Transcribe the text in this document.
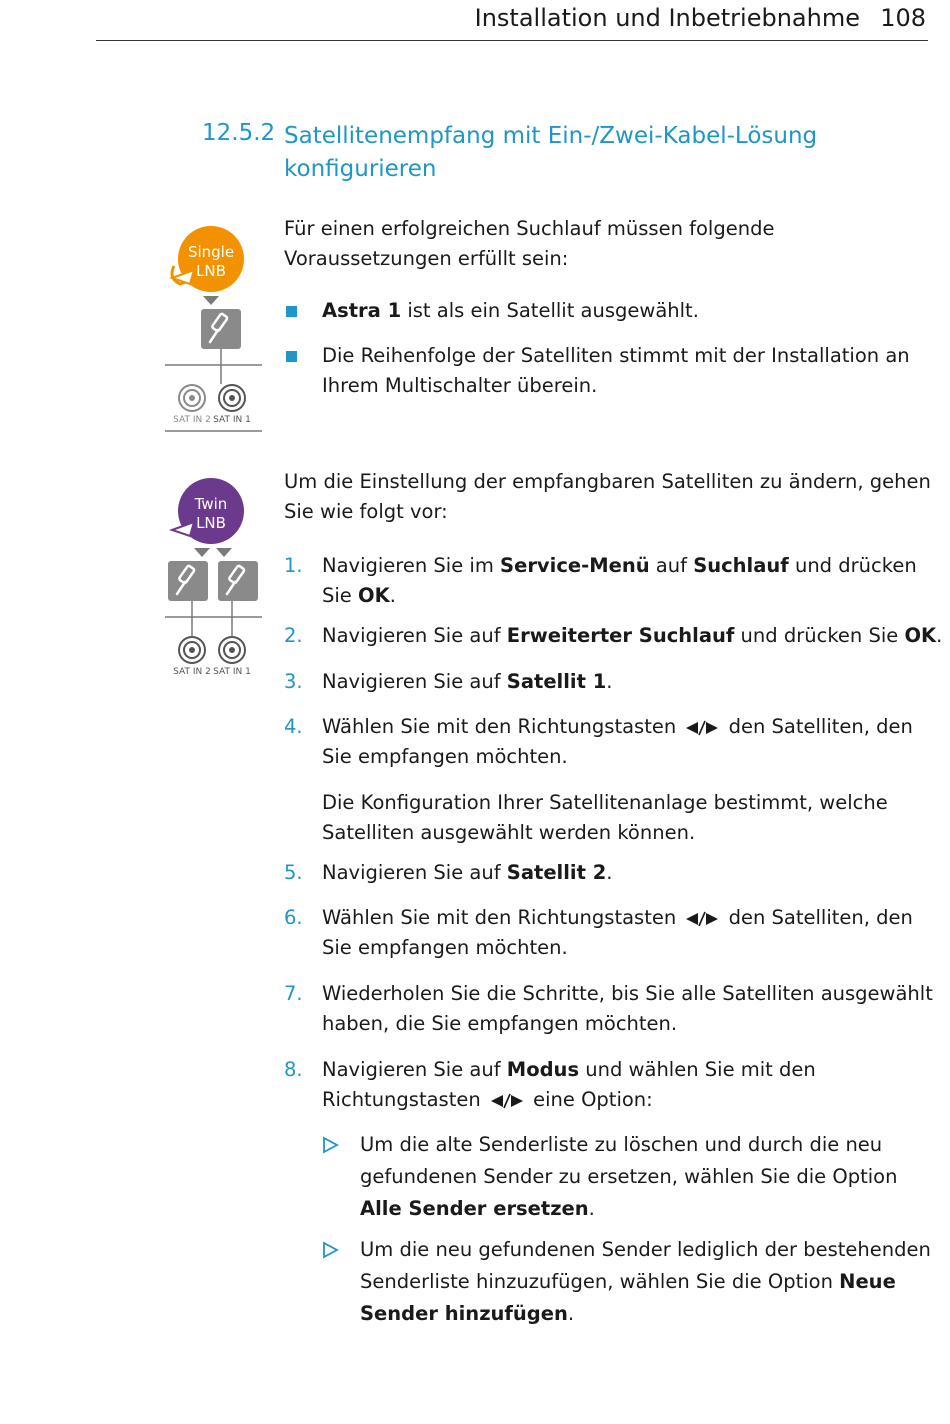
Installation und Inbetriebnahme 108
12.5.2 Satellitenempfang mit Ein-/Zwei-Kabel-Lösung konfigurieren
Single
LNB
SAT IN 2 SAT IN 1
Twin
LNB
SAT IN 2 SAT IN 1
Für einen erfolgreichen Suchlauf müssen folgende Voraussetzungen erfüllt sein:
Astra 1 ist als ein Satellit ausgewählt.
Die Reihenfolge der Satelliten stimmt mit der Installation an Ihrem Multischalter überein.
Um die Einstellung der empfangbaren Satelliten zu ändern, gehen Sie wie folgt vor:
1. Navigieren Sie im Service-Menü auf Suchlauf und drücken Sie OK.
2. Navigieren Sie auf Erweiterter Suchlauf und drücken Sie OK.
3. Navigieren Sie auf Satellit 1.
4. Wählen Sie mit den Richtungstasten  den Satelliten, den Sie empfangen möchten.
Die Konfiguration Ihrer Satellitenanlage bestimmt, welche Satelliten ausgewählt werden können.
5. Navigieren Sie auf Satellit 2.
6. Wählen Sie mit den Richtungstasten  den Satelliten, den Sie empfangen möchten.
7. Wiederholen Sie die Schritte, bis Sie alle Satelliten ausgewählt haben, die Sie empfangen möchten.
8. Navigieren Sie auf Modus und wählen Sie mit den Richtungstasten  eine Option:
Um die alte Senderliste zu löschen und durch die neu gefundenen Sender zu ersetzen, wählen Sie die Option Alle Sender ersetzen.
Um die neu gefundenen Sender lediglich der bestehenden Senderliste hinzuzufügen, wählen Sie die Option Neue Sender hinzufügen.
